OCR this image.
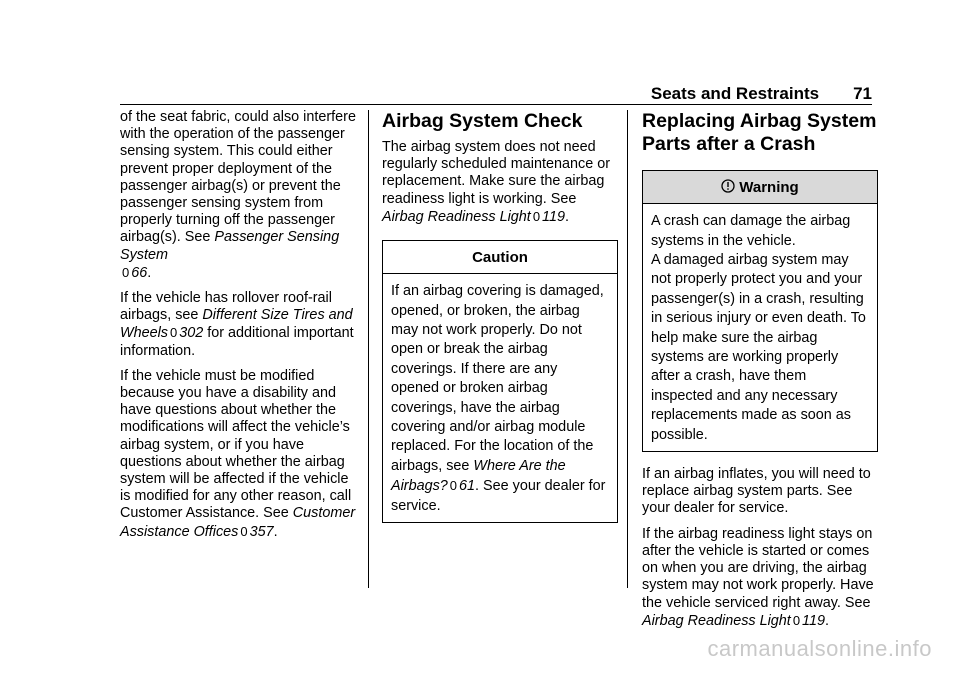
Seats and Restraints 71

of the seat fabric, could also interfere with the operation of the passenger sensing system. This could either prevent proper deployment of the passenger airbag(s) or prevent the passenger sensing system from properly turning off the passenger airbag(s). See Passenger Sensing System
0 66.

If the vehicle has rollover roof-rail airbags, see Different Size Tires and Wheels 0 302 for additional important information.

If the vehicle must be modified because you have a disability and have questions about whether the modifications will affect the vehicle’s airbag system, or if you have questions about whether the airbag system will be affected if the vehicle is modified for any other reason, call Customer Assistance. See Customer Assistance Offices 0 357.

Airbag System Check

The airbag system does not need regularly scheduled maintenance or replacement. Make sure the airbag readiness light is working. See Airbag Readiness Light 0 119.

Caution
If an airbag covering is damaged, opened, or broken, the airbag may not work properly. Do not open or break the airbag coverings. If there are any opened or broken airbag coverings, have the airbag covering and/or airbag module replaced. For the location of the airbags, see Where Are the Airbags? 0 61. See your dealer for service.
Replacing Airbag System Parts after a Crash
Warning
A crash can damage the airbag systems in the vehicle.
A damaged airbag system may not properly protect you and your passenger(s) in a crash, resulting in serious injury or even death. To help make sure the airbag systems are working properly after a crash, have them inspected and any necessary replacements made as soon as possible.

If an airbag inflates, you will need to replace airbag system parts. See your dealer for service.

If the airbag readiness light stays on after the vehicle is started or comes on when you are driving, the airbag system may not work properly. Have the vehicle serviced right away. See Airbag Readiness Light 0 119.

carmanualsonline.info
